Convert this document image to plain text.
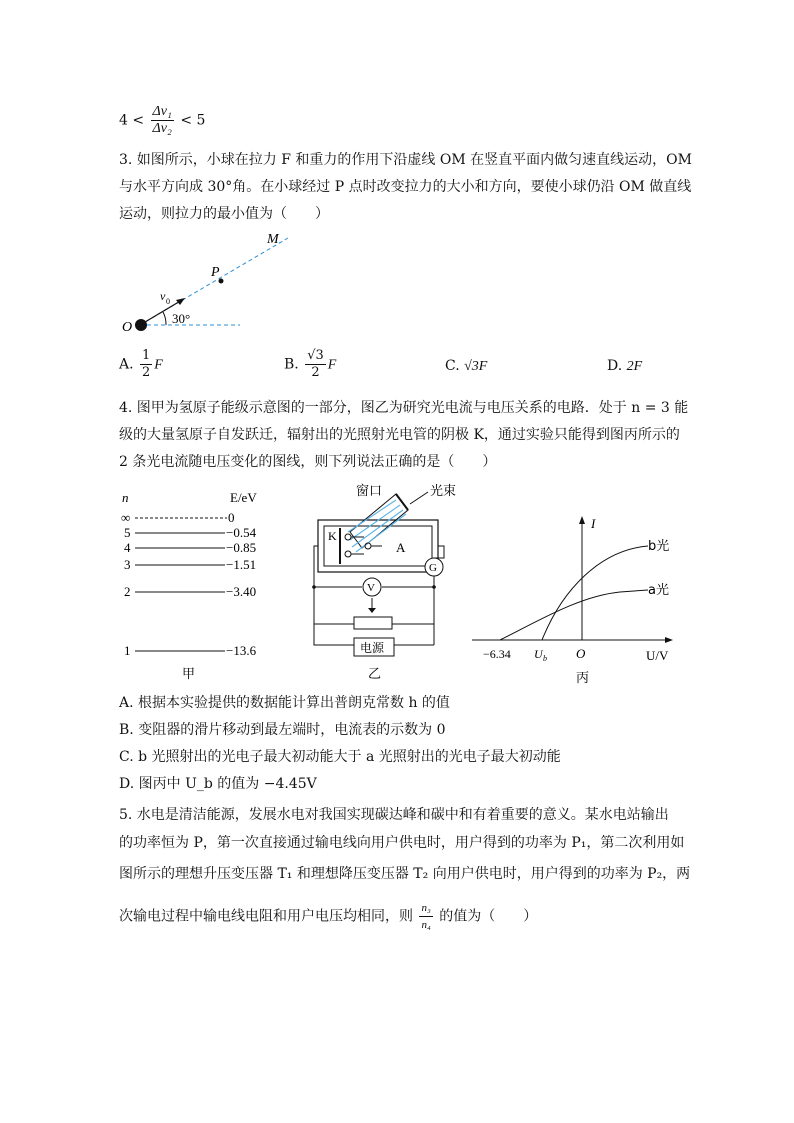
$4 < \frac{\text{Δv₁}}{\text{Δv₂}} < 5$
3. 如图所示，小球在拉力 F 和重力的作用下沿虚线 OM 在竖直平面内做匀速直线运动，OM
与水平方向成 30°角。在小球经过 P 点时改变拉力的大小和方向，要使小球仍沿 OM 做直线
运动，则拉力的最小值为（　　）
M
P
O
v 0
30°
A. $\frac{1}{2}$ F	B. $\frac{√3}{2}$ F	C. √3F	D. 2F
4. 图甲为氢原子能级示意图的一部分，图乙为研究光电流与电压关系的电路．处于 n = 3 能
级的大量氢原子自发跃迁，辐射出的光照射光电管的阴极 K，通过实验只能得到图丙所示的
2 条光电流随电压变化的图线，则下列说法正确的是（　　）
n	E/eV
∞
5
4
3
2
1
0
−0.54
−0.85
−1.51
−3.40
−13.6
甲
窗口	光束
K
A
G
V
电源
乙
I
U/V
O
−6.34 U b
b光
a光
丙
A. 根据本实验提供的数据能计算出普朗克常数 h 的值
B. 变阻器的滑片移动到最左端时，电流表的示数为 0
C. b 光照射出的光电子最大初动能大于 a 光照射出的光电子最大初动能
D. 图丙中 U_b 的值为 −4.45V
5. 水电是清洁能源，发展水电对我国实现碳达峰和碳中和有着重要的意义。某水电站输出
的功率恒为 P，第一次直接通过输电线向用户供电时，用户得到的功率为 P₁，第二次利用如
图所示的理想升压变压器 T₁ 和理想降压变压器 T₂ 向用户供电时，用户得到的功率为 P₂，两
次输电过程中输电线电阻和用户电压均相同，则 $\frac{\text{n₃}}{\text{n₄}}$ 的值为（　　）
